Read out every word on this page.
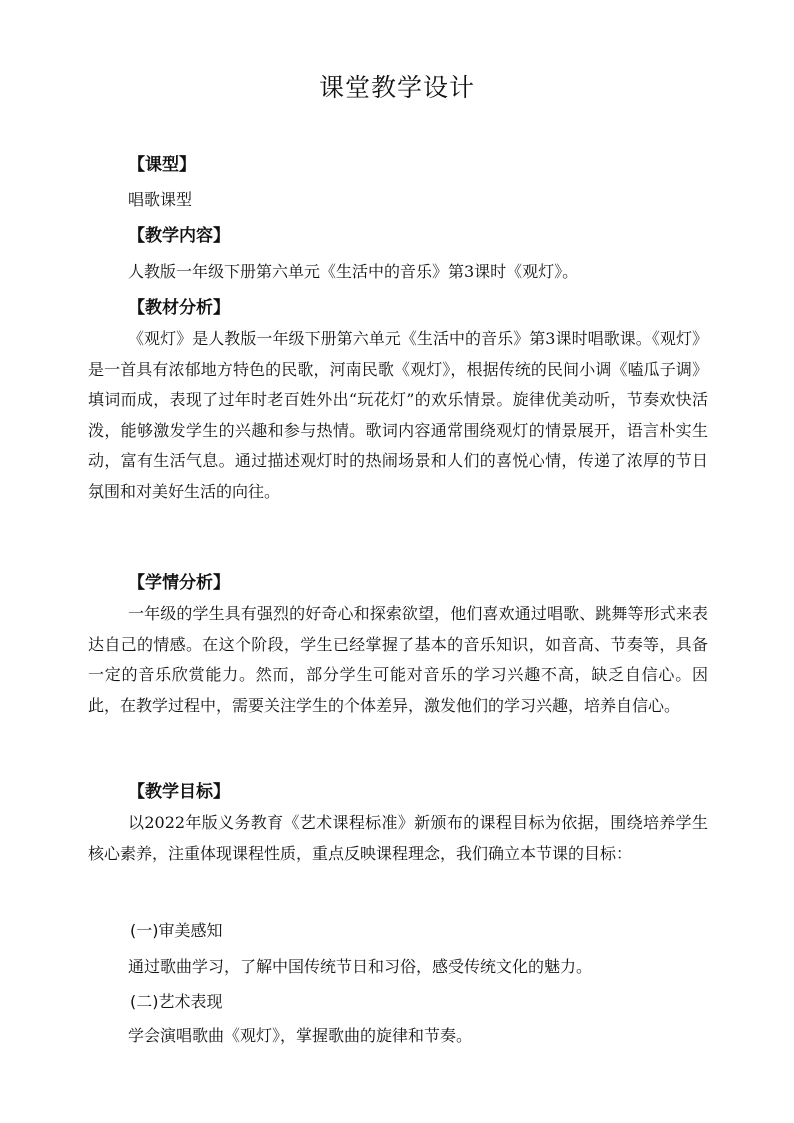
课堂教学设计
【课型】
唱歌课型
【教学内容】
人教版一年级下册第六单元《生活中的音乐》第3课时《观灯》。
【教材分析】
《观灯》是人教版一年级下册第六单元《生活中的音乐》第3课时唱歌课。《观灯》是一首具有浓郁地方特色的民歌，河南民歌《观灯》，根据传统的民间小调《嗑瓜子调》填词而成，表现了过年时老百姓外出“玩花灯”的欢乐情景。旋律优美动听，节奏欢快活泼，能够激发学生的兴趣和参与热情。歌词内容通常围绕观灯的情景展开，语言朴实生动，富有生活气息。通过描述观灯时的热闹场景和人们的喜悦心情，传递了浓厚的节日氛围和对美好生活的向往。
【学情分析】
一年级的学生具有强烈的好奇心和探索欲望，他们喜欢通过唱歌、跳舞等形式来表达自己的情感。在这个阶段，学生已经掌握了基本的音乐知识，如音高、节奏等，具备一定的音乐欣赏能力。然而，部分学生可能对音乐的学习兴趣不高，缺乏自信心。因此，在教学过程中，需要关注学生的个体差异，激发他们的学习兴趣，培养自信心。
【教学目标】
以2022年版义务教育《艺术课程标准》新颁布的课程目标为依据，围绕培养学生核心素养，注重体现课程性质，重点反映课程理念，我们确立本节课的目标：
(一)审美感知
通过歌曲学习，了解中国传统节日和习俗，感受传统文化的魅力。
(二)艺术表现
学会演唱歌曲《观灯》，掌握歌曲的旋律和节奏。
